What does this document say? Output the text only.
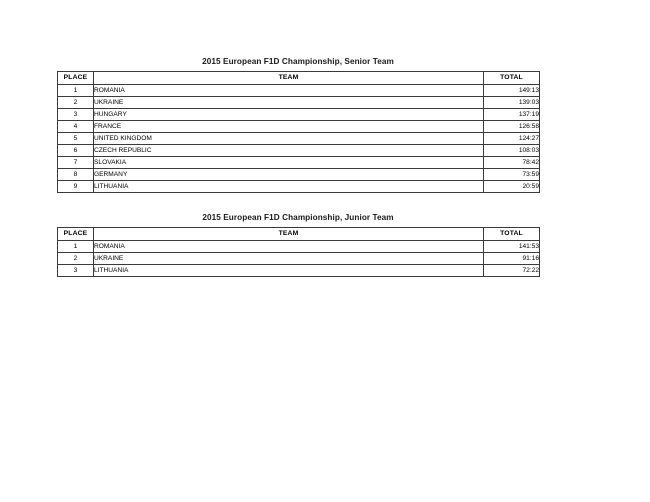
2015 European F1D Championship, Senior Team
PLACE	TEAM	TOTAL
1	ROMANIA	149:13
2	UKRAINE	139:03
3	HUNGARY	137:19
4	FRANCE	126:58
5	UNITED KINGDOM	124:27
6	CZECH REPUBLIC	108:03
7	SLOVAKIA	78:42
8	GERMANY	73:59
9	LITHUANIA	20:59
2015 European F1D Championship, Junior Team
PLACE	TEAM	TOTAL
1	ROMANIA	141:53
2	UKRAINE	91:16
3	LITHUANIA	72:22
